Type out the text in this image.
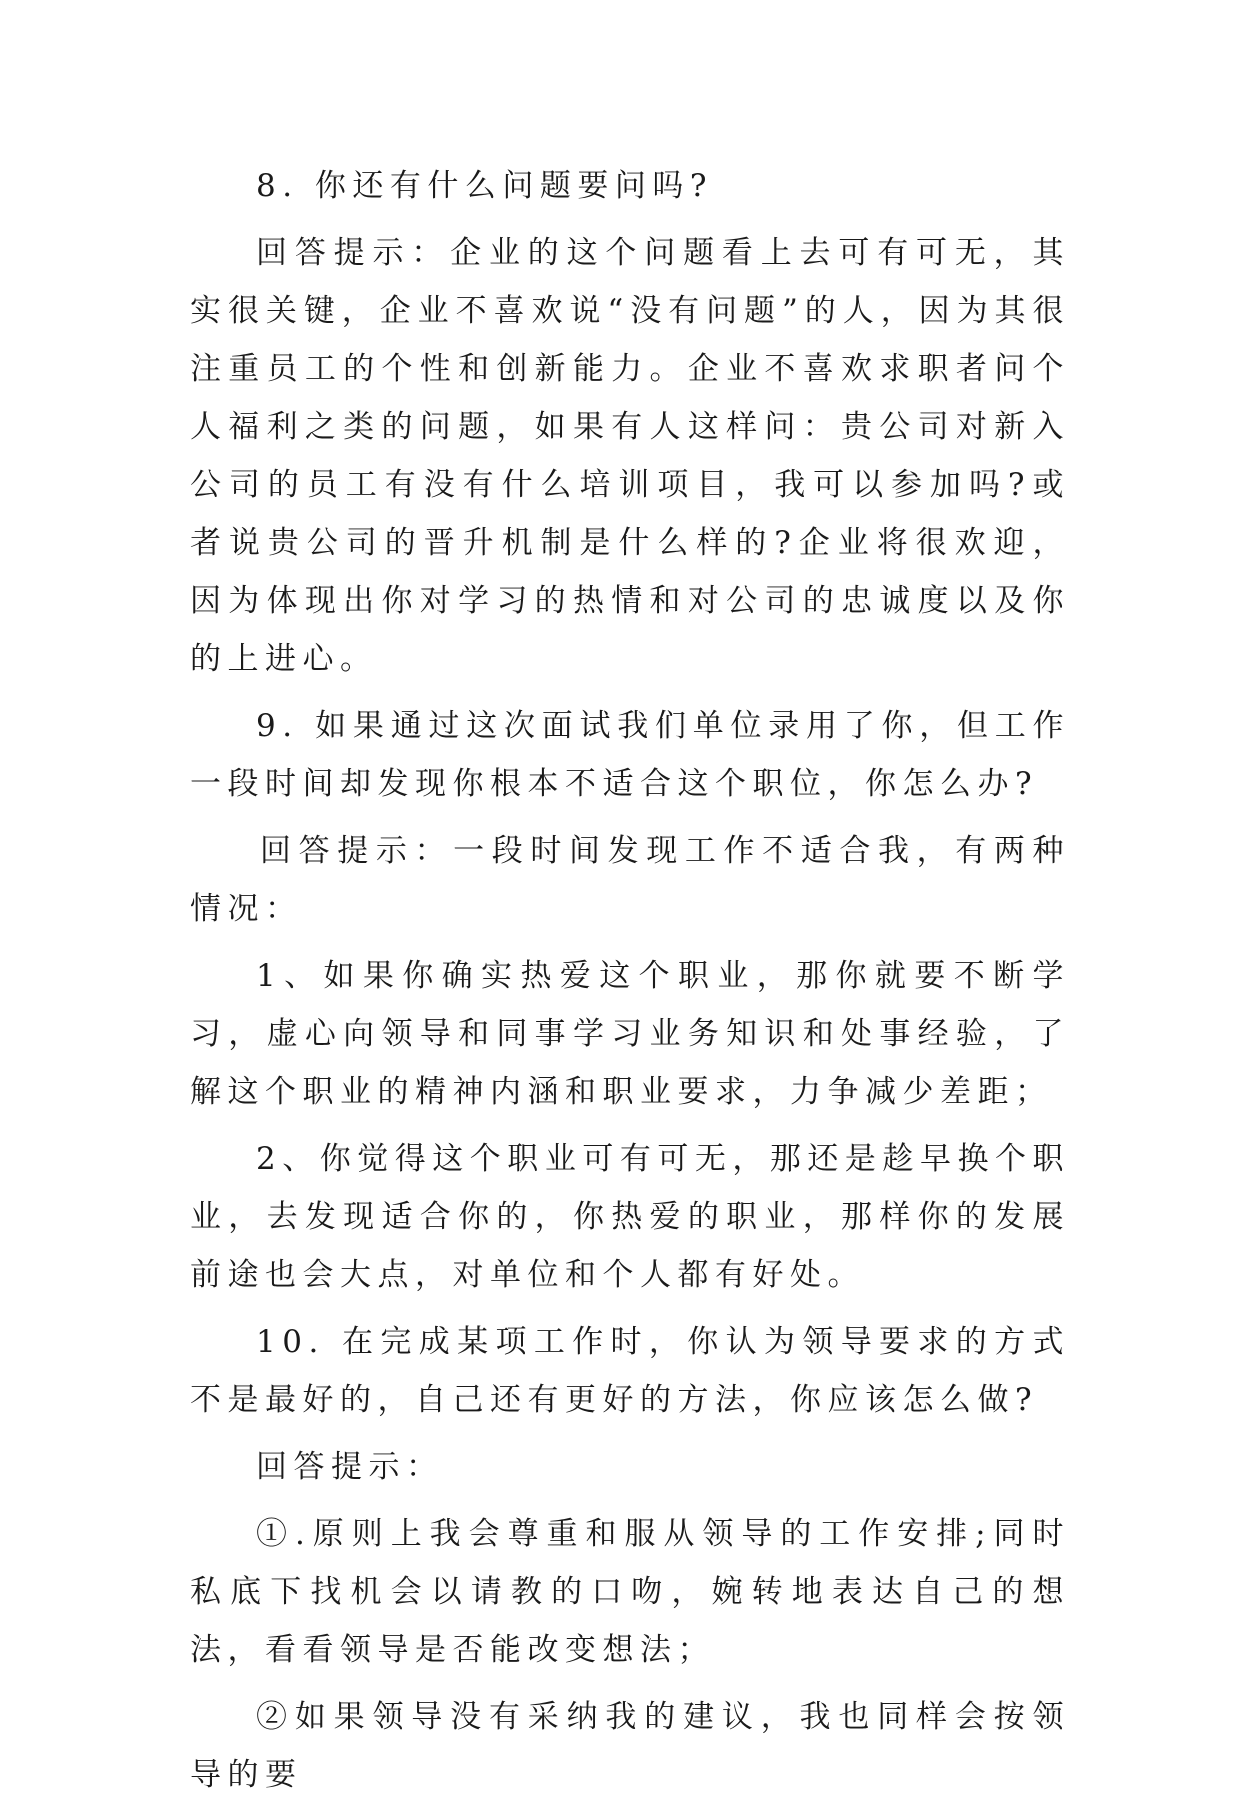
8. 你还有什么问题要问吗?

回答提示：企业的这个问题看上去可有可无，其实很关键，企业不喜欢说“没有问题”的人，因为其很注重员工的个性和创新能力。企业不喜欢求职者问个人福利之类的问题，如果有人这样问：贵公司对新入公司的员工有没有什么培训项目，我可以参加吗?或者说贵公司的晋升机制是什么样的?企业将很欢迎，因为体现出你对学习的热情和对公司的忠诚度以及你的上进心。

9. 如果通过这次面试我们单位录用了你，但工作一段时间却发现你根本不适合这个职位，你怎么办?

回答提示：一段时间发现工作不适合我，有两种情况：

1、如果你确实热爱这个职业，那你就要不断学习，虚心向领导和同事学习业务知识和处事经验，了解这个职业的精神内涵和职业要求，力争减少差距；

2、你觉得这个职业可有可无，那还是趁早换个职业，去发现适合你的，你热爱的职业，那样你的发展前途也会大点，对单位和个人都有好处。

10. 在完成某项工作时，你认为领导要求的方式不是最好的，自己还有更好的方法，你应该怎么做?

回答提示：

①.原则上我会尊重和服从领导的工作安排;同时私底下找机会以请教的口吻，婉转地表达自己的想法，看看领导是否能改变想法；

②如果领导没有采纳我的建议，我也同样会按领导的要
